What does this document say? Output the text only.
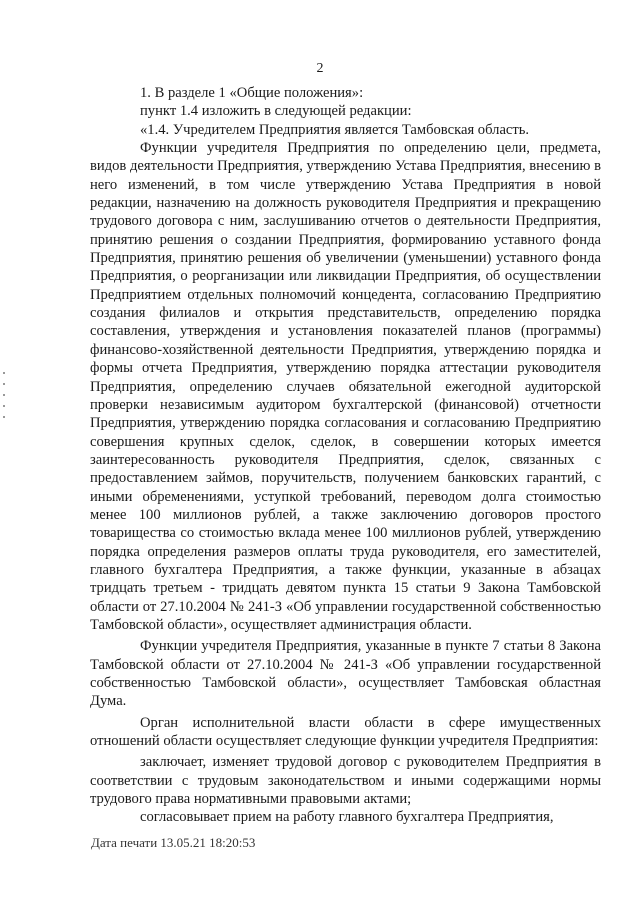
2

1. В разделе 1 «Общие положения»:

пункт 1.4 изложить в следующей редакции:

«1.4. Учредителем Предприятия является Тамбовская область.

Функции учредителя Предприятия по определению цели, предмета, видов деятельности Предприятия, утверждению Устава Предприятия, внесению в него изменений, в том числе утверждению Устава Предприятия в новой редакции, назначению на должность руководителя Предприятия и прекращению трудового договора с ним, заслушиванию отчетов о деятельности Предприятия, принятию решения о создании Предприятия, формированию уставного фонда Предприятия, принятию решения об увеличении (уменьшении) уставного фонда Предприятия, о реорганизации или ликвидации Предприятия, об осуществлении Предприятием отдельных полномочий концедента, согласованию Предприятию создания филиалов и открытия представительств, определению порядка составления, утверждения и установления показателей планов (программы) финансово-хозяйственной деятельности Предприятия, утверждению порядка и формы отчета Предприятия, утверждению порядка аттестации руководителя Предприятия, определению случаев обязательной ежегодной аудиторской проверки независимым аудитором бухгалтерской (финансовой) отчетности Предприятия, утверждению порядка согласования и согласованию Предприятию совершения крупных сделок, сделок, в совершении которых имеется заинтересованность руководителя Предприятия, сделок, связанных с предоставлением займов, поручительств, получением банковских гарантий, с иными обременениями, уступкой требований, переводом долга стоимостью менее 100 миллионов рублей, а также заключению договоров простого товарищества со стоимостью вклада менее 100 миллионов рублей, утверждению порядка определения размеров оплаты труда руководителя, его заместителей, главного бухгалтера Предприятия, а также функции, указанные в абзацах тридцать третьем - тридцать девятом пункта 15 статьи 9 Закона Тамбовской области от 27.10.2004 № 241-З «Об управлении государственной собственностью Тамбовской области», осуществляет администрация области.

Функции учредителя Предприятия, указанные в пункте 7 статьи 8 Закона Тамбовской области от 27.10.2004 № 241-З «Об управлении государственной собственностью Тамбовской области», осуществляет Тамбовская областная Дума.

Орган исполнительной власти области в сфере имущественных отношений области осуществляет следующие функции учредителя Предприятия:

заключает, изменяет трудовой договор с руководителем Предприятия в соответствии с трудовым законодательством и иными содержащими нормы трудового права нормативными правовыми актами;

согласовывает прием на работу главного бухгалтера Предприятия,

Дата печати 13.05.21 18:20:53
